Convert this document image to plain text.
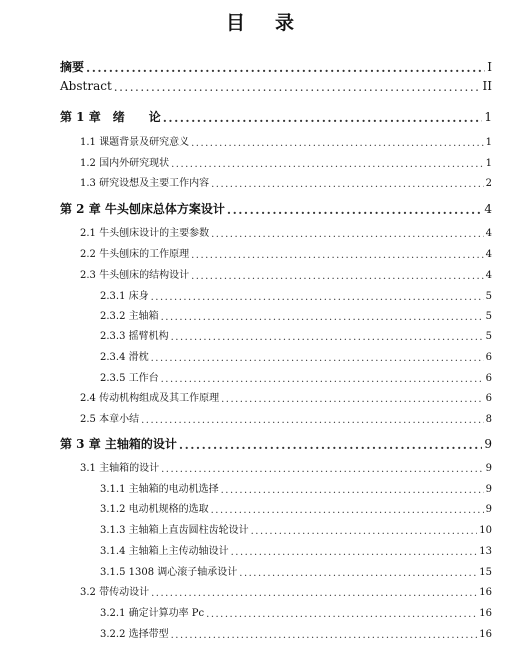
目 录
摘要 .....	I
Abstract .....	II
第 1 章　绪　　论 .....	1
1.1 课题背景及研究意义 .....	1
1.2 国内外研究现状 .....	1
1.3 研究设想及主要工作内容 .....	2
第 2 章 牛头刨床总体方案设计 .....	4
2.1 牛头刨床设计的主要参数 .....	4
2.2 牛头刨床的工作原理 .....	4
2.3 牛头刨床的结构设计 .....	4
2.3.1 床身 .....	5
2.3.2 主轴箱 .....	5
2.3.3 摇臂机构 .....	5
2.3.4 滑枕 .....	6
2.3.5 工作台 .....	6
2.4 传动机构组成及其工作原理 .....	6
2.5 本章小结 .....	8
第 3 章 主轴箱的设计 .....	9
3.1 主轴箱的设计 .....	9
3.1.1 主轴箱的电动机选择 .....	9
3.1.2 电动机规格的选取 .....	9
3.1.3 主轴箱上直齿圆柱齿轮设计 .....	10
3.1.4 主轴箱上主传动轴设计 .....	13
3.1.5 1308 调心滚子轴承设计 .....	15
3.2 带传动设计 .....	16
3.2.1 确定计算功率 Pc .....	16
3.2.2 选择带型 .....	16
